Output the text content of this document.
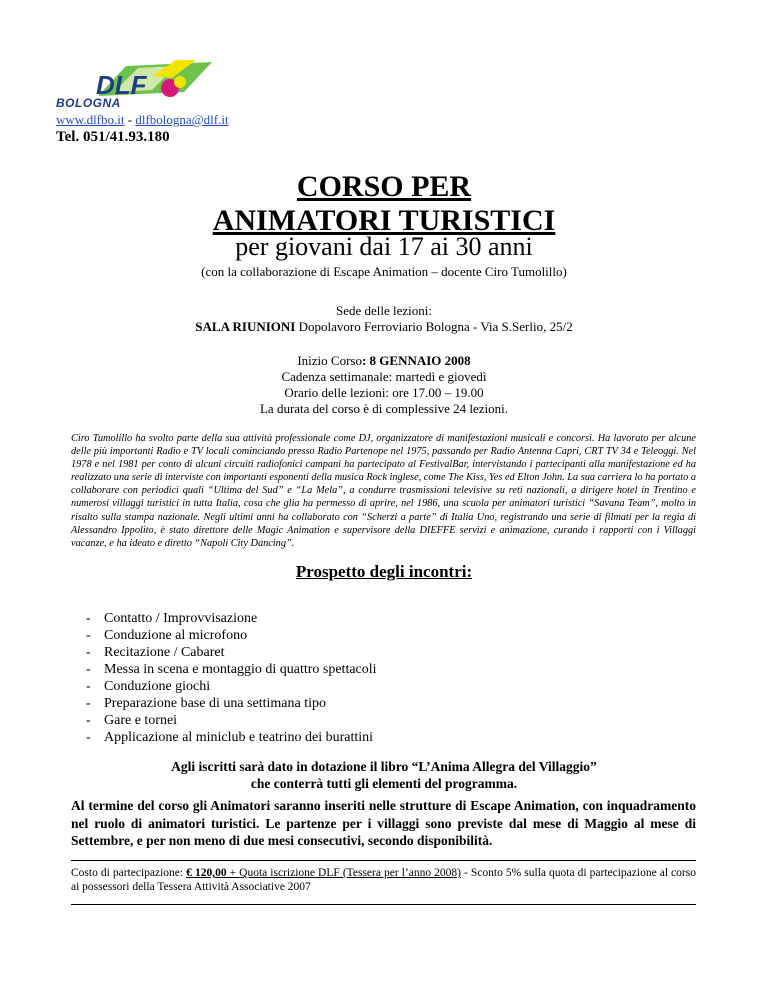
DLF
BOLOGNA
www.dlfbo.it - dlfbologna@dlf.it
Tel. 051/41.93.180
CORSO PER
ANIMATORI TURISTICI
per giovani dai 17 ai 30 anni
(con la collaborazione di Escape Animation – docente Ciro Tumolillo)
Sede delle lezioni:
SALA RIUNIONI Dopolavoro Ferroviario Bologna - Via S.Serlio, 25/2
Inizio Corso: 8 GENNAIO 2008
Cadenza settimanale: martedì e giovedì
Orario delle lezioni: ore 17.00 – 19.00
La durata del corso è di complessive 24 lezioni.
Ciro Tumolillo ha svolto parte della sua attività professionale come DJ, organizzatore di manifestazioni musicali e concorsi. Ha lavorato per alcune delle più importanti Radio e TV locali cominciando presso Radio Partenope nel 1975, passando per Radio Antenna Capri, CRT TV 34 e Teleoggi. Nel 1978 e nel 1981 per conto di alcuni circuiti radiofonici campani ha partecipato al FestivalBar, intervistando i partecipanti alla manifestazione ed ha realizzato una serie di interviste con importanti esponenti della musica Rock inglese, come The Kiss, Yes ed Elton John. La sua carriera lo ha portato a collaborare con periodici quali “Ultima del Sud” e “La Mela”, a condurre trasmissioni televisive su reti nazionali, a dirigere hotel in Trentino e numerosi villaggi turistici in tutta Italia, cosa che glia ha permesso di aprire, nel 1986, una scuola per animatori turistici “Savana Team”, molto in risalto sulla stampa nazionale. Negli ultimi anni ha collaborato con “Scherzi a parte” di Italia Uno, registrando una serie di filmati per la regia di Alessandro Ippolito, è stato direttore delle Magic Animation e supervisore della DIEFFE servizi e animazione, curando i rapporti con i Villaggi vacanze, e ha ideato e diretto “Napoli City Dancing”.
Prospetto degli incontri:
- Contatto / Improvvisazione
- Conduzione al microfono
- Recitazione / Cabaret
- Messa in scena e montaggio di quattro spettacoli
- Conduzione giochi
- Preparazione base di una settimana tipo
- Gare e tornei
- Applicazione al miniclub e teatrino dei burattini
Agli iscritti sarà dato in dotazione il libro “L’Anima Allegra del Villaggio”
che conterrà tutti gli elementi del programma.
Al termine del corso gli Animatori saranno inseriti nelle strutture di Escape Animation, con inquadramento nel ruolo di animatori turistici. Le partenze per i villaggi sono previste dal mese di Maggio al mese di Settembre, e per non meno di due mesi consecutivi, secondo disponibilità.
Costo di partecipazione: € 120,00 + Quota iscrizione DLF (Tessera per l’anno 2008) - Sconto 5% sulla quota di partecipazione al corso ai possessori della Tessera Attività Associative 2007
